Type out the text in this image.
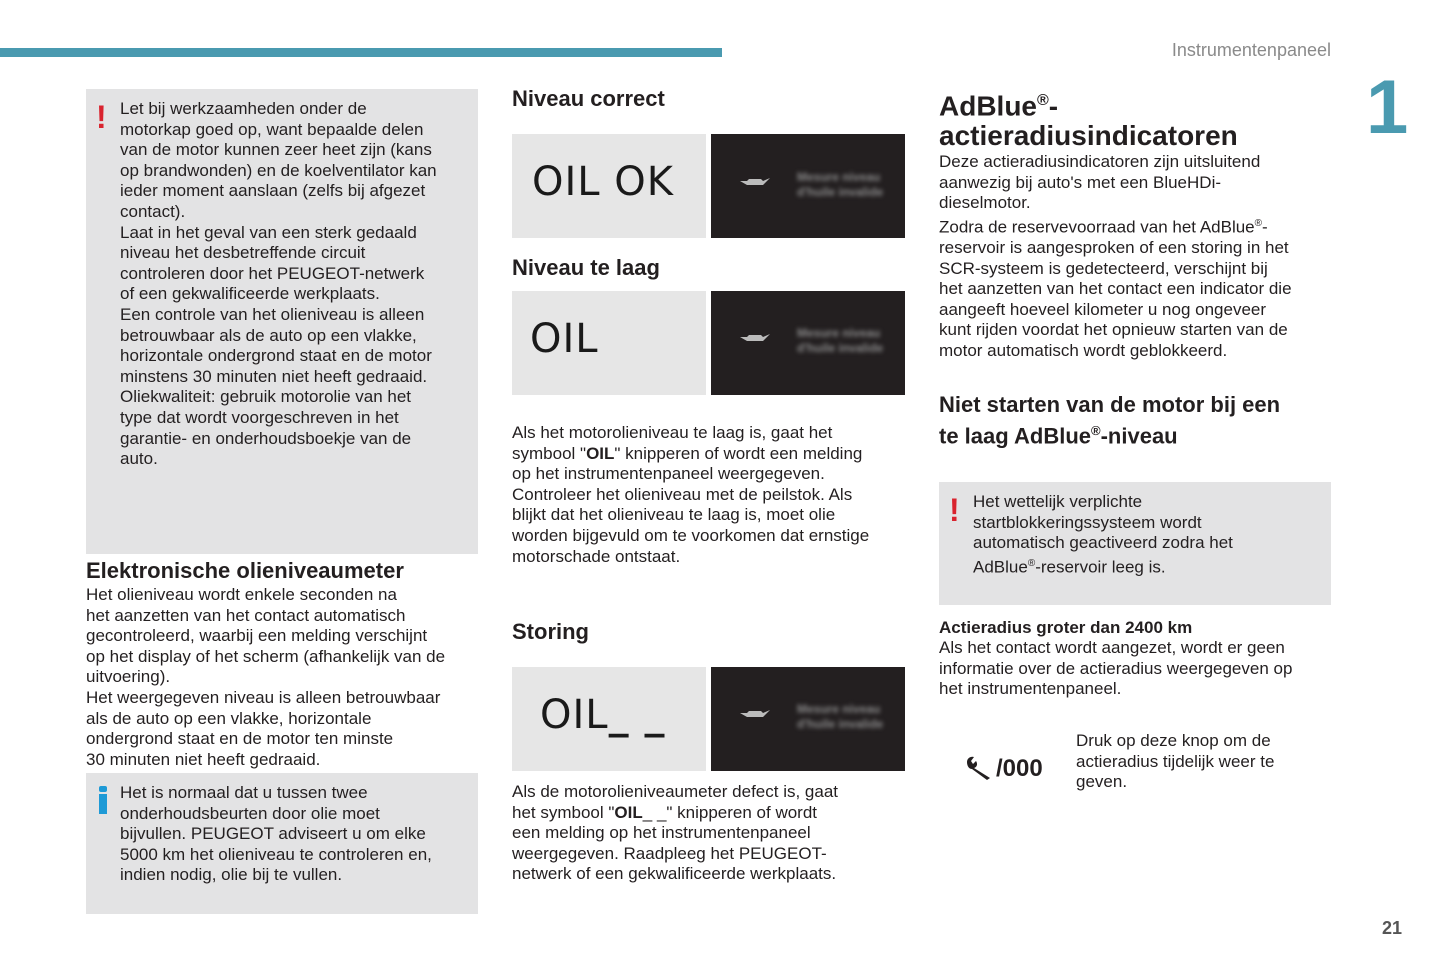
Instrumentenpaneel
1
21
! Let bij werkzaamheden onder de

motorkap goed op, want bepaalde delen

van de motor kunnen zeer heet zijn (kans

op brandwonden) en de koelventilator kan

ieder moment aanslaan (zelfs bij afgezet

contact).

Laat in het geval van een sterk gedaald

niveau het desbetreffende circuit

controleren door het PEUGEOT-netwerk

of een gekwalificeerde werkplaats.

Een controle van het olieniveau is alleen

betrouwbaar als de auto op een vlakke,

horizontale ondergrond staat en de motor

minstens 30 minuten niet heeft gedraaid.

Oliekwaliteit: gebruik motorolie van het

type dat wordt voorgeschreven in het

garantie- en onderhoudsboekje van de

auto.

Elektronische olieniveaumeter

Het olieniveau wordt enkele seconden na

het aanzetten van het contact automatisch

gecontroleerd, waarbij een melding verschijnt

op het display of het scherm (afhankelijk van de

uitvoering).

Het weergegeven niveau is alleen betrouwbaar

als de auto op een vlakke, horizontale

ondergrond staat en de motor ten minste

30 minuten niet heeft gedraaid.

Het is normaal dat u tussen twee

onderhoudsbeurten door olie moet

bijvullen. PEUGEOT adviseert u om elke

5000 km het olieniveau te controleren en,

indien nodig, olie bij te vullen.

Niveau correct
OIL OK	Mesure niveau
d'huile invalide
Niveau te laag
OIL	Mesure niveau
d'huile invalide

Als het motorolieniveau te laag is, gaat het

symbool "OIL" knipperen of wordt een melding

op het instrumentenpaneel weergegeven.

Controleer het olieniveau met de peilstok. Als

blijkt dat het olieniveau te laag is, moet olie

worden bijgevuld om te voorkomen dat ernstige

motorschade ontstaat.

Storing
OIL_ _	Mesure niveau
d'huile invalide

Als de motorolieniveaumeter defect is, gaat

het symbool "OIL_ _" knipperen of wordt

een melding op het instrumentenpaneel

weergegeven. Raadpleeg het PEUGEOT-

netwerk of een gekwalificeerde werkplaats.

AdBlue®-
actieradiusindicatoren

Deze actieradiusindicatoren zijn uitsluitend

aanwezig bij auto's met een BlueHDi-

dieselmotor.

Zodra de reservevoorraad van het AdBlue®-

reservoir is aangesproken of een storing in het

SCR-systeem is gedetecteerd, verschijnt bij

het aanzetten van het contact een indicator die

aangeeft hoeveel kilometer u nog ongeveer

kunt rijden voordat het opnieuw starten van de

motor automatisch wordt geblokkeerd.

Niet starten van de motor bij een
te laag AdBlue®-niveau
! Het wettelijk verplichte

startblokkeringssysteem wordt

automatisch geactiveerd zodra het

AdBlue®-reservoir leeg is.

Actieradius groter dan 2400 km

Als het contact wordt aangezet, wordt er geen

informatie over de actieradius weergegeven op

het instrumentenpaneel.

/000

Druk op deze knop om de

actieradius tijdelijk weer te

geven.
